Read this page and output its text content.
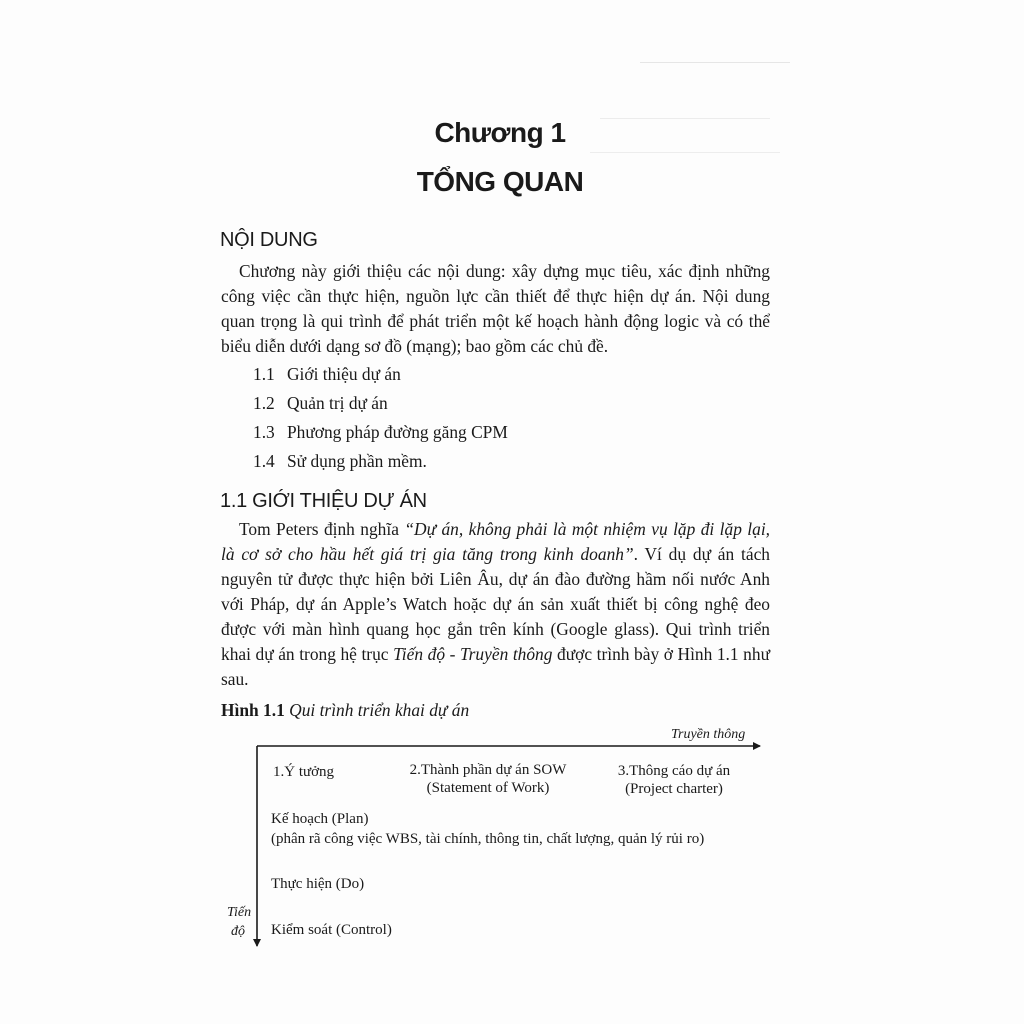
Chương 1
TỔNG QUAN
NỘI DUNG
Chương này giới thiệu các nội dung: xây dựng mục tiêu, xác định những công việc cần thực hiện, nguồn lực cần thiết để thực hiện dự án. Nội dung quan trọng là qui trình để phát triển một kế hoạch hành động logic và có thể biểu diễn dưới dạng sơ đồ (mạng); bao gồm các chủ đề.
1.1 Giới thiệu dự án
1.2 Quản trị dự án
1.3 Phương pháp đường găng CPM
1.4 Sử dụng phần mềm.
1.1 GIỚI THIỆU DỰ ÁN
Tom Peters định nghĩa “Dự án, không phải là một nhiệm vụ lặp đi lặp lại, là cơ sở cho hầu hết giá trị gia tăng trong kinh doanh”. Ví dụ dự án tách nguyên tử được thực hiện bởi Liên Âu, dự án đào đường hầm nối nước Anh với Pháp, dự án Apple’s Watch hoặc dự án sản xuất thiết bị công nghệ đeo được với màn hình quang học gắn trên kính (Google glass). Qui trình triển khai dự án trong hệ trục Tiến độ - Truyền thông được trình bày ở Hình 1.1 như sau.
Hình 1.1 Qui trình triển khai dự án
Truyền thông
Tiến
độ
1.Ý tưởng	2.Thành phần dự án SOW
(Statement of Work)
3.Thông cáo dự án
(Project charter)
Kế hoạch (Plan)
(phân rã công việc WBS, tài chính, thông tin, chất lượng, quản lý rủi ro)
Thực hiện (Do)
Kiểm soát (Control)
